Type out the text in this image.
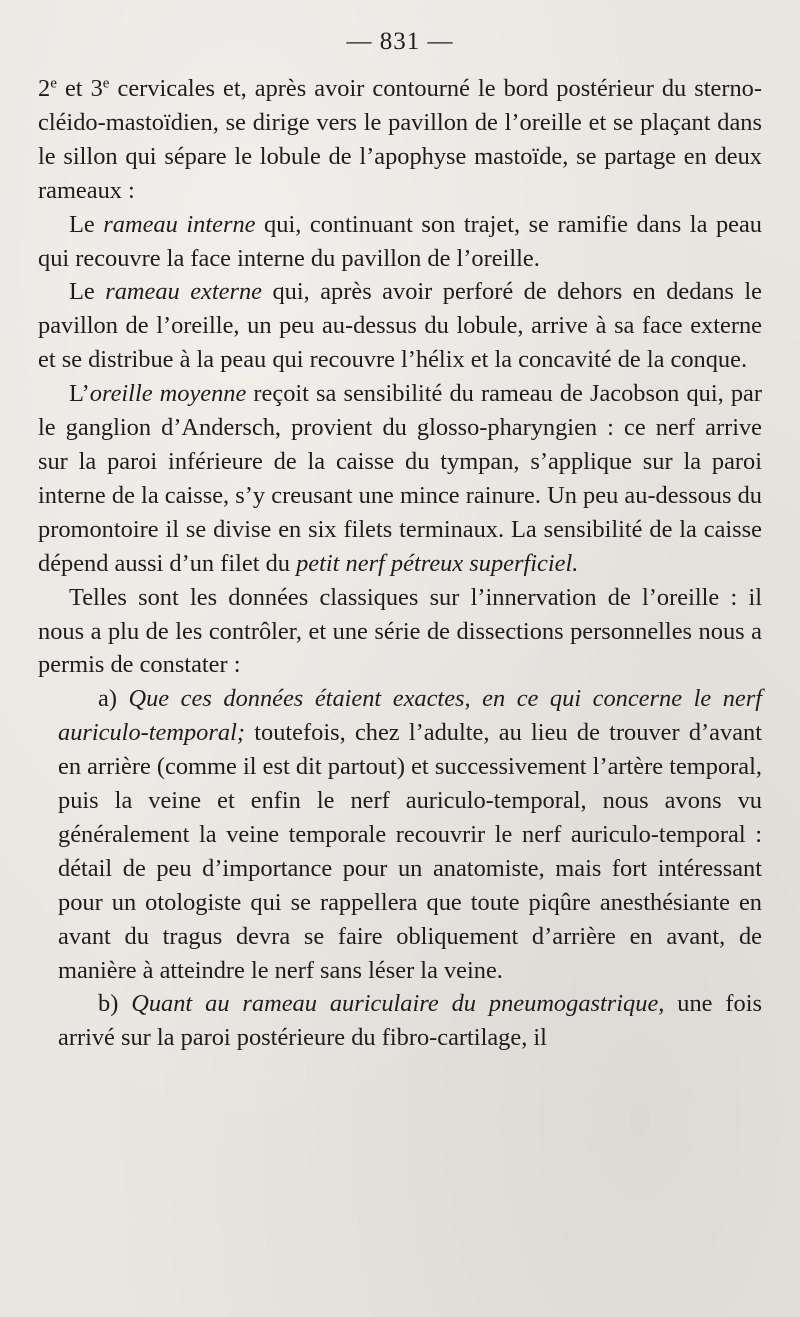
— 831 —

2e et 3e cervicales et, après avoir contourné le bord postérieur du sterno-cléido-mastoïdien, se dirige vers le pavillon de l’oreille et se plaçant dans le sillon qui sépare le lobule de l’apophyse mastoïde, se partage en deux rameaux :

Le rameau interne qui, continuant son trajet, se ramifie dans la peau qui recouvre la face interne du pavillon de l’oreille.

Le rameau externe qui, après avoir perforé de dehors en dedans le pavillon de l’oreille, un peu au-dessus du lobule, arrive à sa face externe et se distribue à la peau qui recouvre l’hélix et la concavité de la conque.

L’oreille moyenne reçoit sa sensibilité du rameau de Jacobson qui, par le ganglion d’Andersch, provient du glosso-pharyngien : ce nerf arrive sur la paroi inférieure de la caisse du tympan, s’applique sur la paroi interne de la caisse, s’y creusant une mince rainure. Un peu au-dessous du promontoire il se divise en six filets terminaux. La sensibilité de la caisse dépend aussi d’un filet du petit nerf pétreux superficiel.

Telles sont les données classiques sur l’innervation de l’oreille : il nous a plu de les contrôler, et une série de dissections personnelles nous a permis de constater :

a) Que ces données étaient exactes, en ce qui concerne le nerf auriculo-temporal; toutefois, chez l’adulte, au lieu de trouver d’avant en arrière (comme il est dit partout) et successivement l’artère temporal, puis la veine et enfin le nerf auriculo-temporal, nous avons vu généralement la veine temporale recouvrir le nerf auriculo-temporal : détail de peu d’importance pour un anatomiste, mais fort intéressant pour un otologiste qui se rappellera que toute piqûre anesthésiante en avant du tragus devra se faire obliquement d’arrière en avant, de manière à atteindre le nerf sans léser la veine.

b) Quant au rameau auriculaire du pneumogastrique, une fois arrivé sur la paroi postérieure du fibro-cartilage, il
